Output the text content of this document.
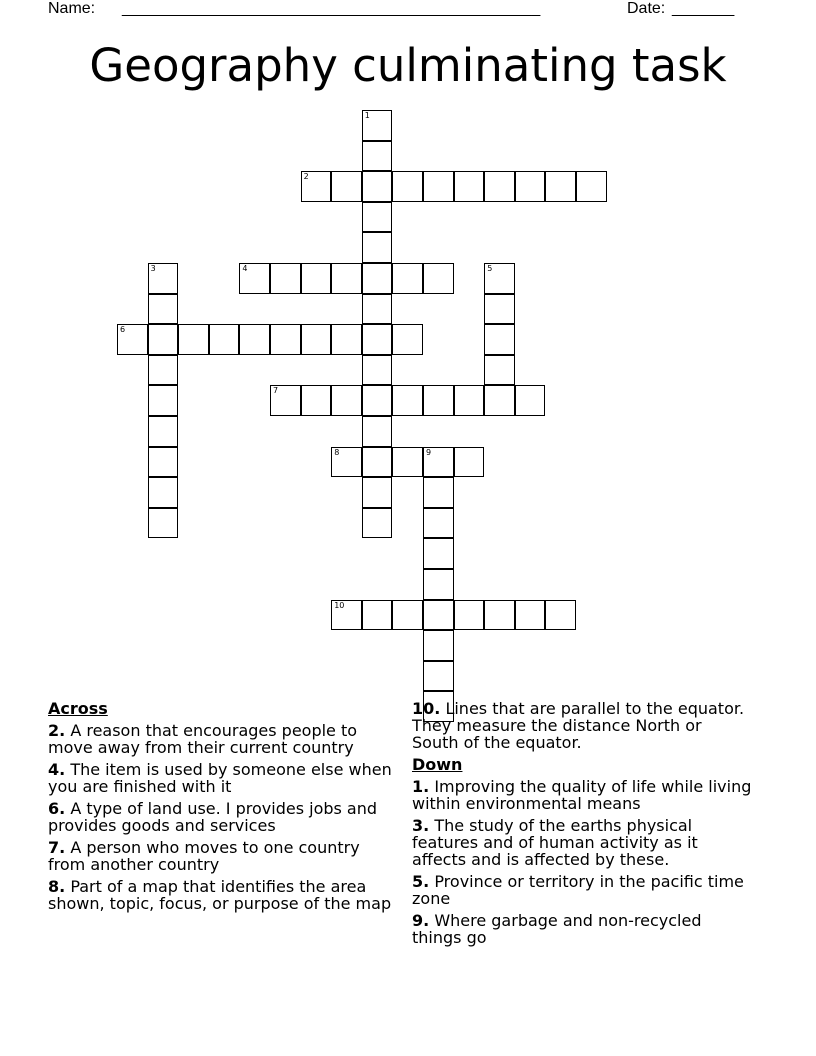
Name: _______________________________________________	Date: _______
Geography culminating task
1
2
3	4	5
6
7
8	9
10
Across
2. A reason that encourages people to move away from their current country
4. The item is used by someone else when you are finished with it
6. A type of land use. I provides jobs and provides goods and services
7. A person who moves to one country from another country
8. Part of a map that identifies the area shown, topic, focus, or purpose of the map
10. Lines that are parallel to the equator. They measure the distance North or South of the equator.
Down
1. Improving the quality of life while living within environmental means
3. The study of the earths physical features and of human activity as it affects and is affected by these.
5. Province or territory in the pacific time zone
9. Where garbage and non-recycled things go
